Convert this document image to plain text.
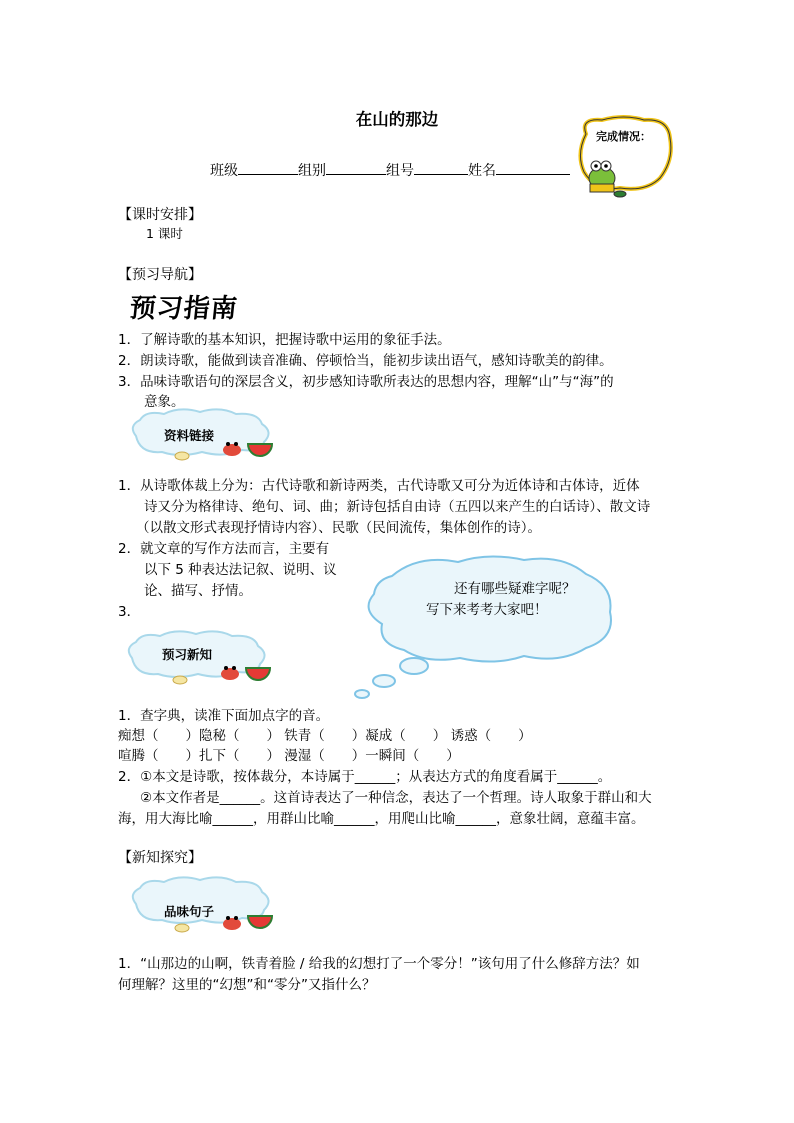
在山的那边
完成情况：
班级	组别	组号	姓名
【课时安排】
1 课时
【预习导航】
预习指南
1．了解诗歌的基本知识，把握诗歌中运用的象征手法。
2．朗读诗歌，能做到读音准确、停顿恰当，能初步读出语气，感知诗歌美的韵律。
3．品味诗歌语句的深层含义，初步感知诗歌所表达的思想内容，理解“山”与“海”的
意象。
资料链接
1．从诗歌体裁上分为：古代诗歌和新诗两类，古代诗歌又可分为近体诗和古体诗，近体
诗又分为格律诗、绝句、词、曲；新诗包括自由诗（五四以来产生的白话诗）、散文诗
（以散文形式表现抒情诗内容）、民歌（民间流传，集体创作的诗）。
2．就文章的写作方法而言，主要有
以下 5 种表达法记叙、说明、议
论、描写、抒情。
3．
还有哪些疑难字呢？
写下来考考大家吧！
预习新知
1．查字典，读准下面加点字的音。
痴想（　　）隐秘（　　） 铁青（　　）凝成（　　） 诱惑（　　）
喧腾（　　）扎下（　　） 漫湿（　　）一瞬间（　　）
2．①本文是诗歌，按体裁分，本诗属于______；从表达方式的角度看属于______。
②本文作者是______。这首诗表达了一种信念，表达了一个哲理。诗人取象于群山和大
海，用大海比喻______，用群山比喻______，用爬山比喻______，意象壮阔，意蕴丰富。
【新知探究】
品味句子
1．“山那边的山啊，铁青着脸 / 给我的幻想打了一个零分！”该句用了什么修辞方法？如
何理解？这里的“幻想”和“零分”又指什么？
